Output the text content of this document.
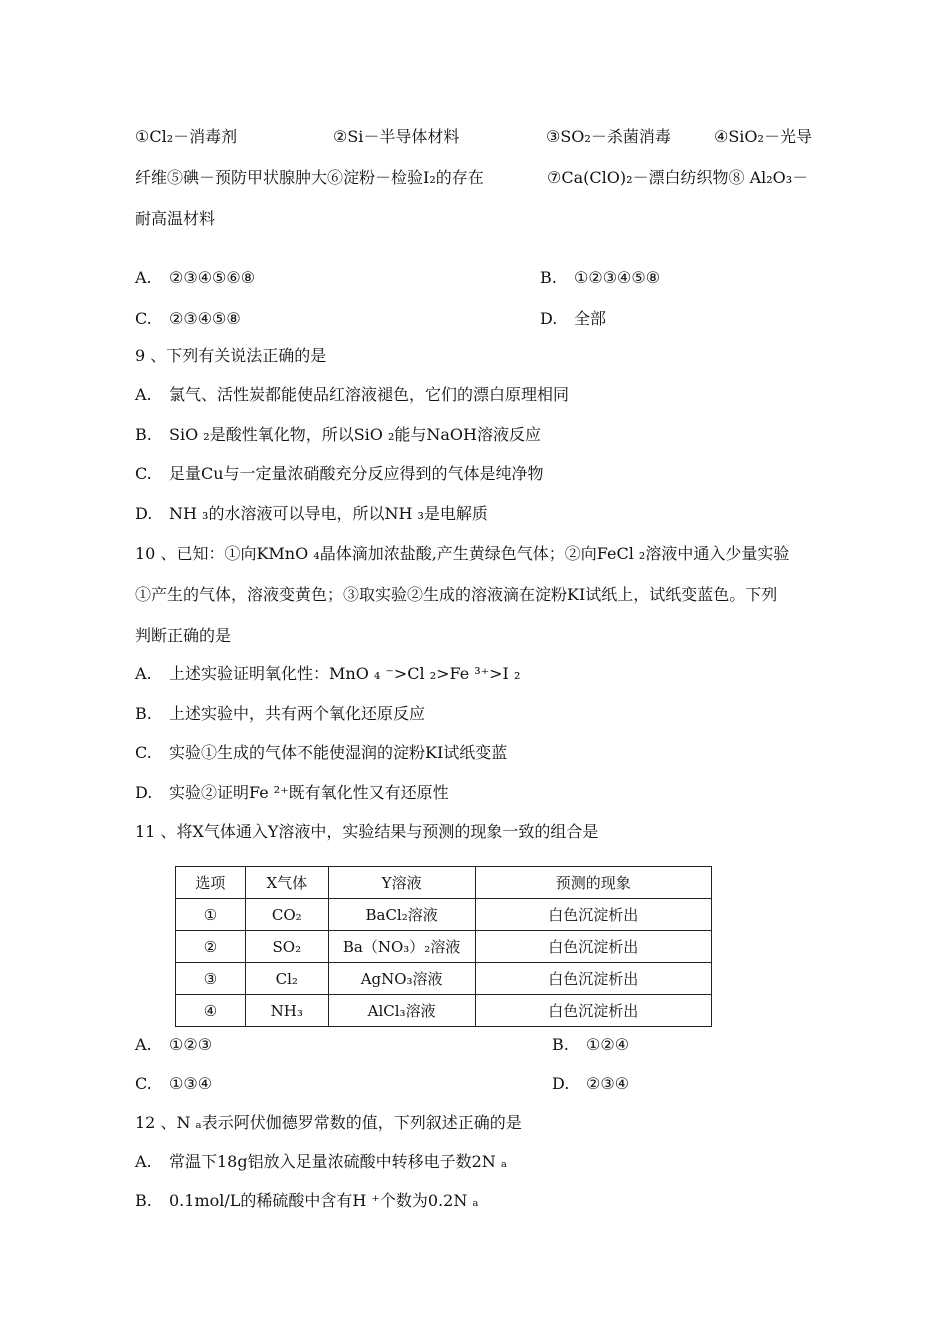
①Cl₂－消毒剂	②Si－半导体材料	③SO₂－杀菌消毒	④SiO₂－光导
纤维⑤碘－预防甲状腺肿大⑥淀粉－检验I₂的存在	⑦Ca(ClO)₂－漂白纺织物⑧ Al₂O₃－
耐高温材料
A. ②③④⑤⑥⑧	B. ①②③④⑤⑧
C. ②③④⑤⑧	D. 全部
9 、下列有关说法正确的是
A. 氯气、活性炭都能使品红溶液褪色，它们的漂白原理相同
B. SiO ₂是酸性氧化物，所以SiO ₂能与NaOH溶液反应
C. 足量Cu与一定量浓硝酸充分反应得到的气体是纯净物
D. NH ₃的水溶液可以导电，所以NH ₃是电解质
10 、已知：①向KMnO ₄晶体滴加浓盐酸,产生黄绿色气体；②向FeCl ₂溶液中通入少量实验
①产生的气体，溶液变黄色；③取实验②生成的溶液滴在淀粉KI试纸上，试纸变蓝色。下列
判断正确的是
A. 上述实验证明氧化性：MnO ₄ ⁻>Cl ₂>Fe ³⁺>I ₂
B. 上述实验中，共有两个氧化还原反应
C. 实验①生成的气体不能使湿润的淀粉KI试纸变蓝
D. 实验②证明Fe ²⁺既有氧化性又有还原性
11 、将X气体通入Y溶液中，实验结果与预测的现象一致的组合是
选项	X气体	Y溶液	预测的现象
①	CO₂	BaCl₂溶液	白色沉淀析出
②	SO₂	Ba（NO₃）₂溶液	白色沉淀析出
③	Cl₂	AgNO₃溶液	白色沉淀析出
④	NH₃	AlCl₃溶液	白色沉淀析出
A. ①②③	B. ①②④
C. ①③④	D. ②③④
12 、N ₐ表示阿伏伽德罗常数的值，下列叙述正确的是
A. 常温下18g铝放入足量浓硫酸中转移电子数2N ₐ
B. 0.1mol/L的稀硫酸中含有H ⁺个数为0.2N ₐ
